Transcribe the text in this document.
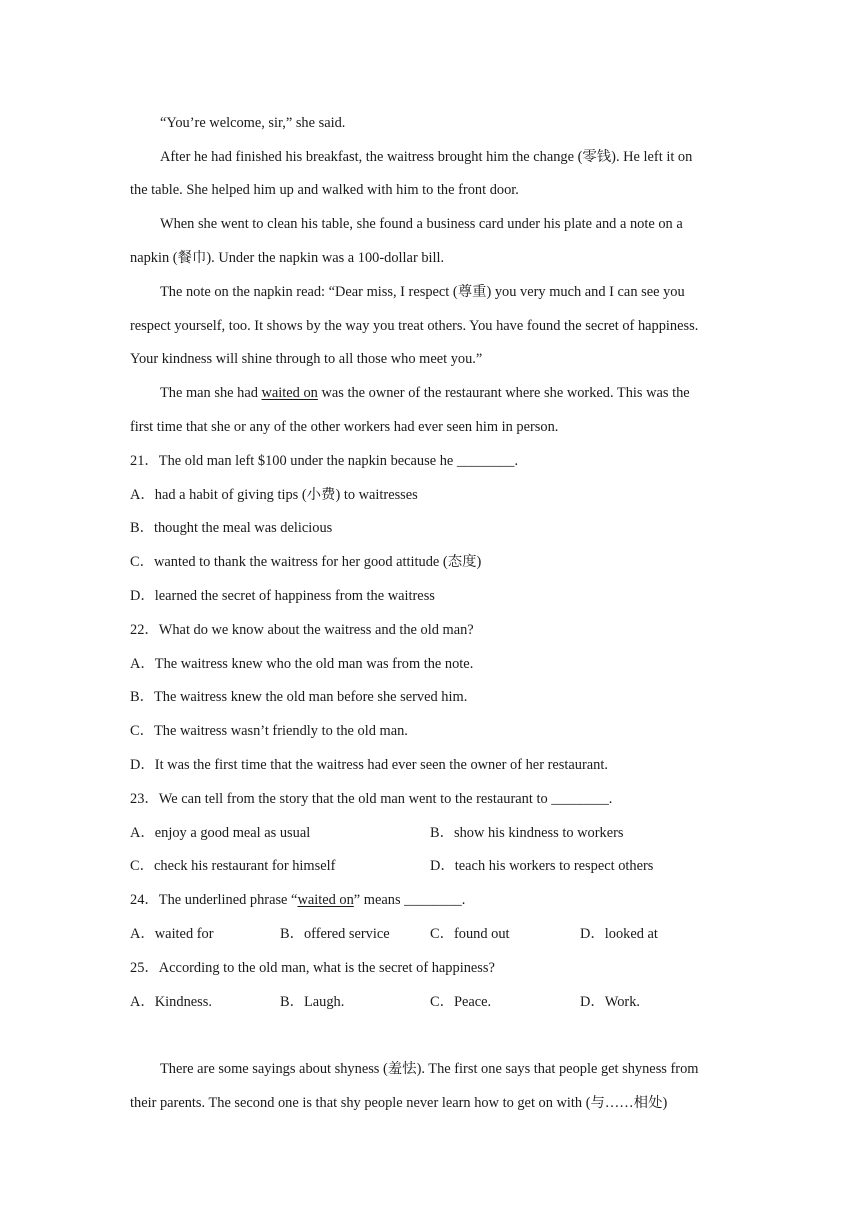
“You’re welcome, sir,” she said.
After he had finished his breakfast, the waitress brought him the change (零钱). He left it on
the table. She helped him up and walked with him to the front door.
When she went to clean his table, she found a business card under his plate and a note on a
napkin (餐巾). Under the napkin was a 100-dollar bill.
The note on the napkin read: “Dear miss, I respect (尊重) you very much and I can see you
respect yourself, too. It shows by the way you treat others. You have found the secret of happiness.
Your kindness will shine through to all those who meet you.”
The man she had waited on was the owner of the restaurant where she worked. This was the
first time that she or any of the other workers had ever seen him in person.
21．The old man left $100 under the napkin because he ________.
A．had a habit of giving tips (小费) to waitresses
B．thought the meal was delicious
C．wanted to thank the waitress for her good attitude (态度)
D．learned the secret of happiness from the waitress
22．What do we know about the waitress and the old man?
A．The waitress knew who the old man was from the note.
B．The waitress knew the old man before she served him.
C．The waitress wasn’t friendly to the old man.
D．It was the first time that the waitress had ever seen the owner of her restaurant.
23．We can tell from the story that the old man went to the restaurant to ________.
A．enjoy a good meal as usual	B．show his kindness to workers
C．check his restaurant for himself	D．teach his workers to respect others
24．The underlined phrase “waited on” means ________.
A．waited for	B．offered service	C．found out	D．looked at
25．According to the old man, what is the secret of happiness?
A．Kindness.	B．Laugh.	C．Peace.	D．Work.
There are some sayings about shyness (羞怯). The first one says that people get shyness from
their parents. The second one is that shy people never learn how to get on with (与……相处)
